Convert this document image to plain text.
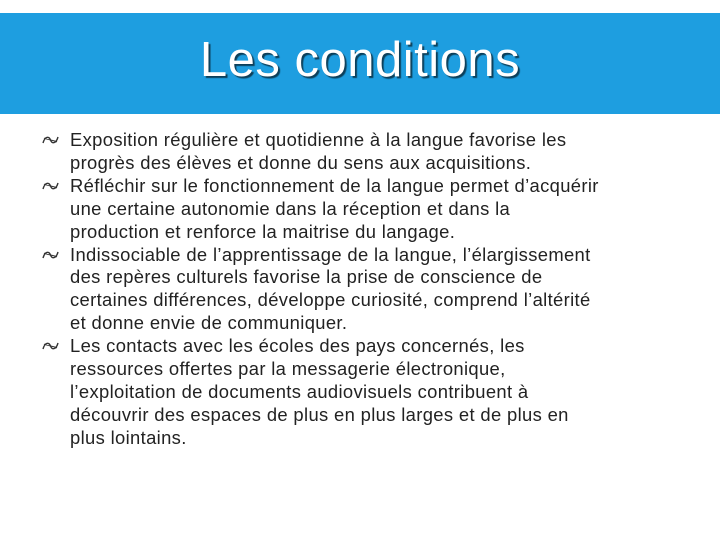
Les conditions
Exposition régulière et quotidienne à la langue favorise les
progrès des élèves et donne du sens aux acquisitions.
Réfléchir sur le fonctionnement de la langue permet d’acquérir
une certaine autonomie dans la réception et dans la
production et renforce la maitrise du langage.
Indissociable de l’apprentissage de la langue, l’élargissement
des repères culturels favorise la prise de conscience de
certaines différences, développe curiosité, comprend l’altérité
et donne envie de communiquer.
Les contacts avec les écoles des pays concernés, les
ressources offertes par la messagerie électronique,
l’exploitation de documents audiovisuels contribuent à
découvrir des espaces de plus en plus larges et de plus en
plus lointains.
